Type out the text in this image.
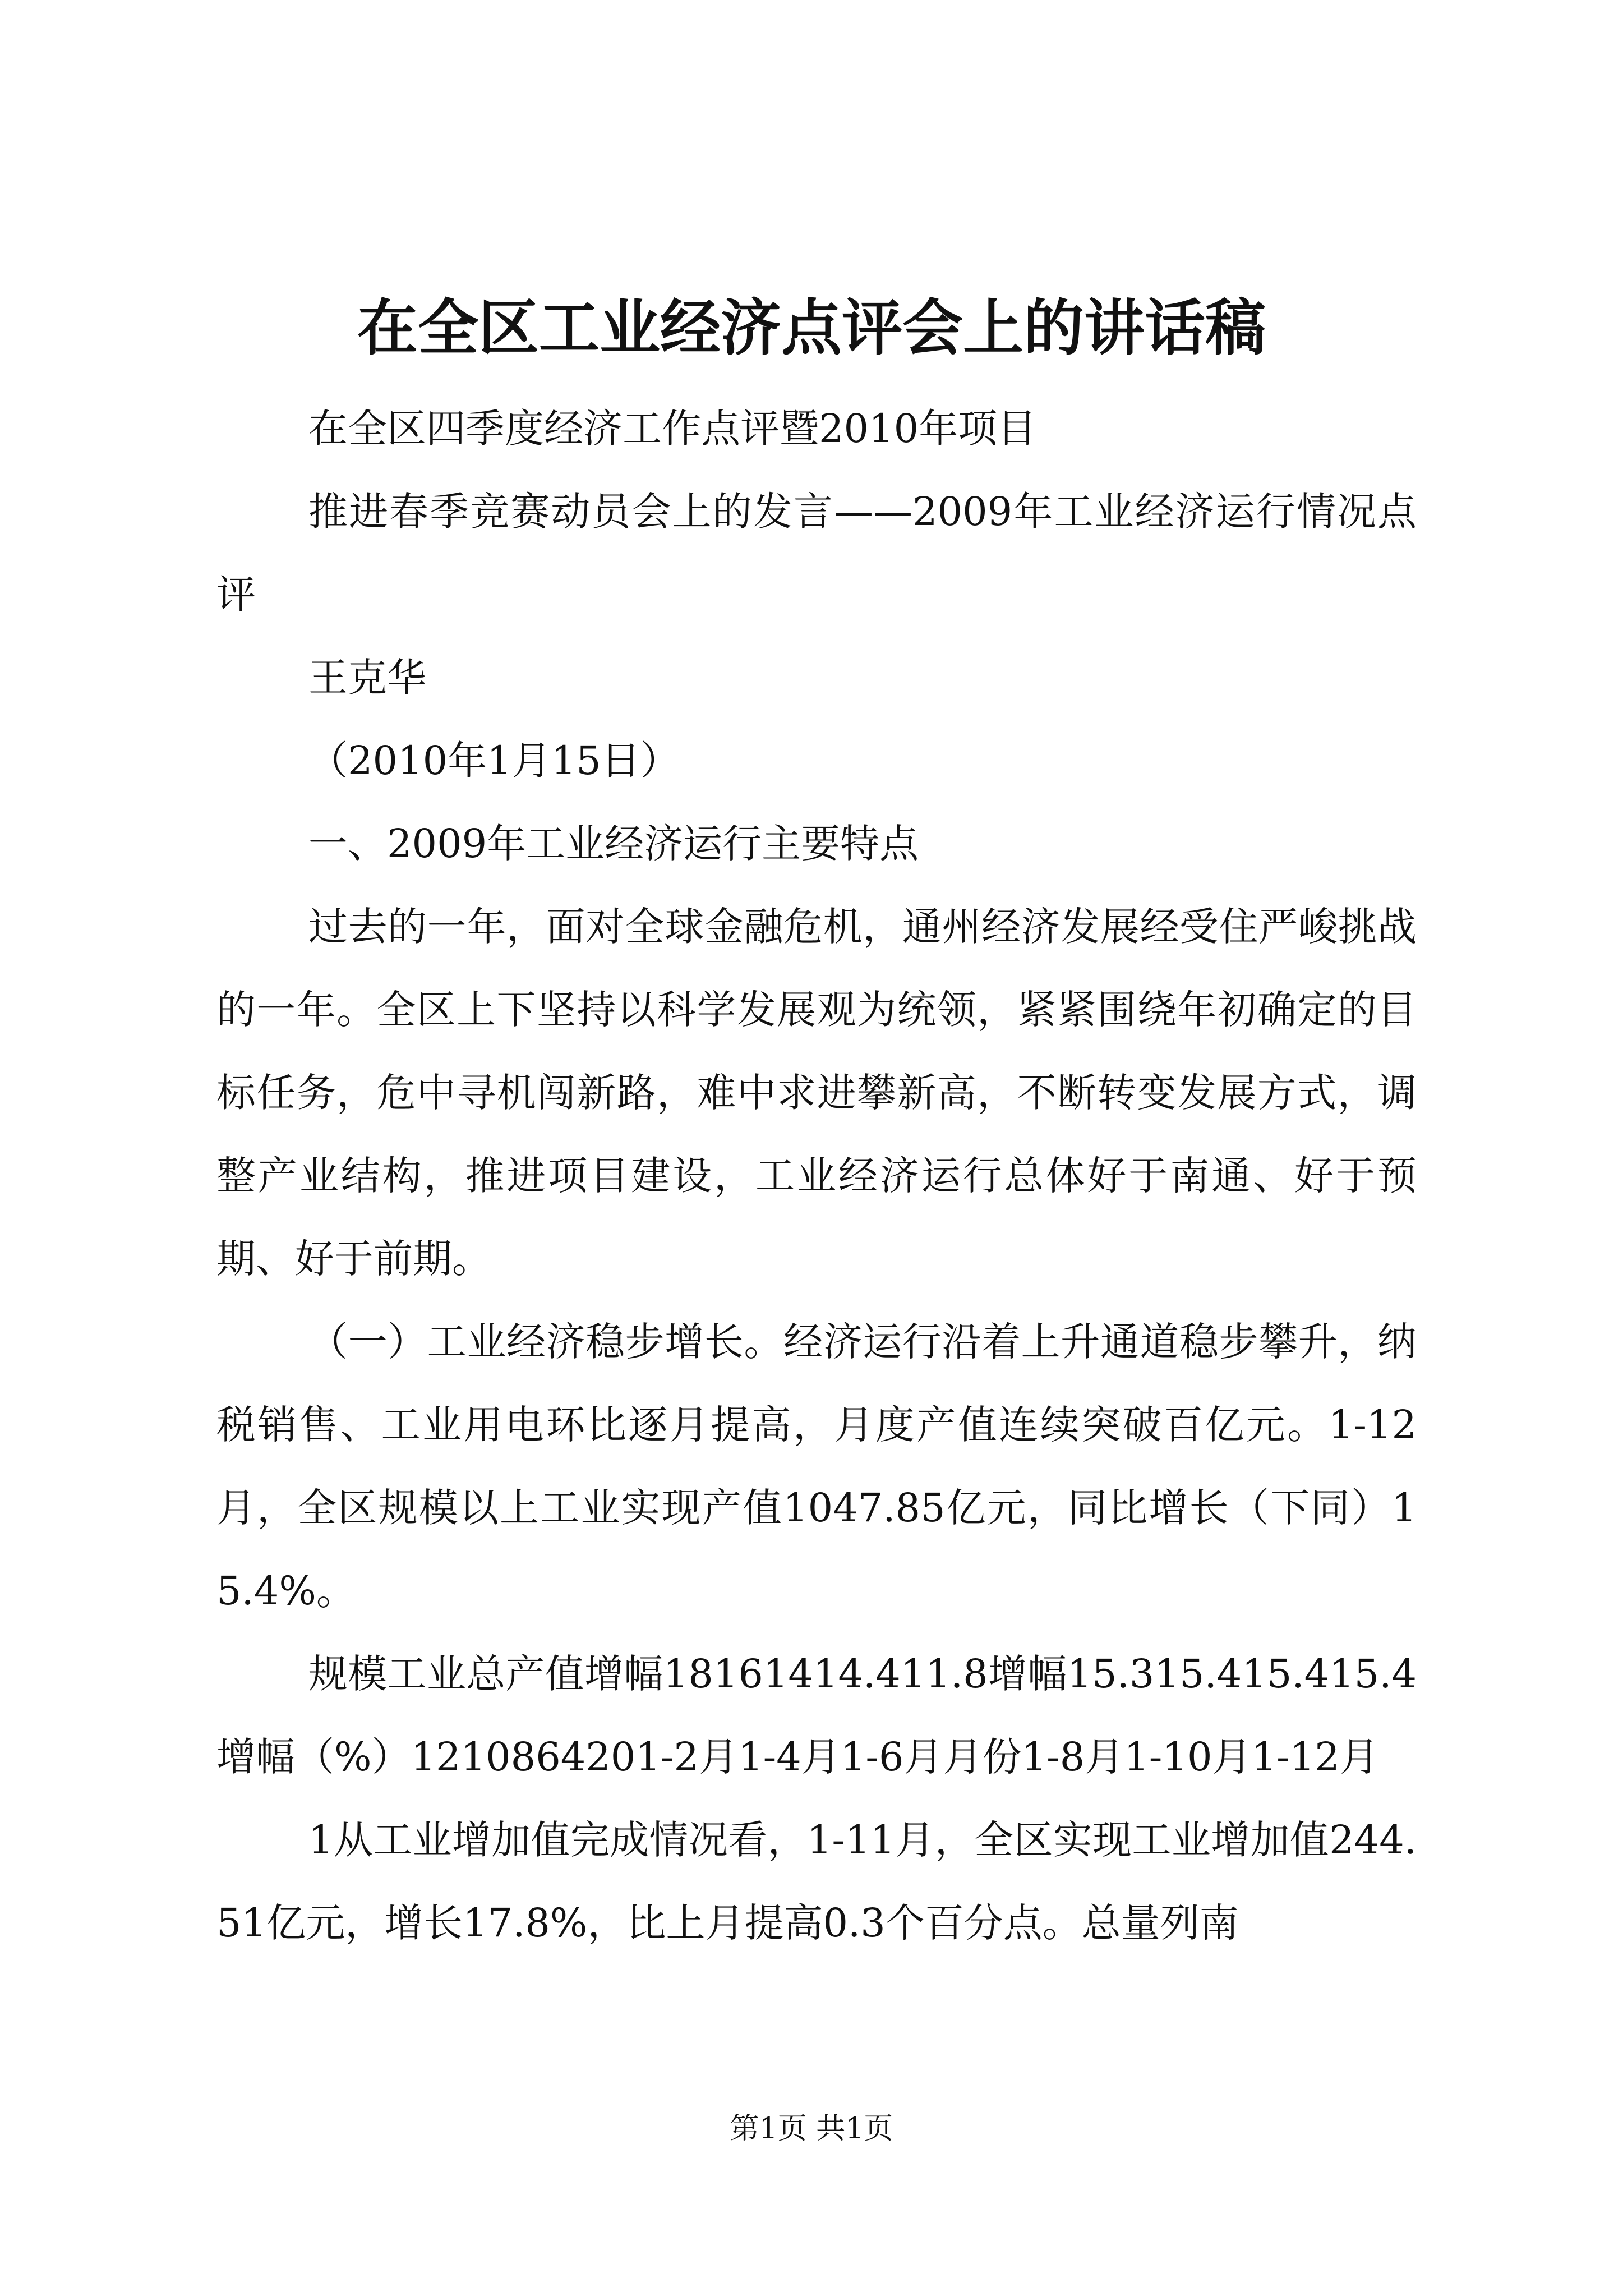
在全区工业经济点评会上的讲话稿

在全区四季度经济工作点评暨2010年项目

推进春季竞赛动员会上的发言——2009年工业经济运行情况点评

王克华

（2010年1月15日）

一、2009年工业经济运行主要特点

过去的一年，面对全球金融危机，通州经济发展经受住严峻挑战的一年。全区上下坚持以科学发展观为统领，紧紧围绕年初确定的目标任务，危中寻机闯新路，难中求进攀新高，不断转变发展方式，调整产业结构，推进项目建设，工业经济运行总体好于南通、好于预期、好于前期。

（一）工业经济稳步增长。经济运行沿着上升通道稳步攀升，纳税销售、工业用电环比逐月提高，月度产值连续突破百亿元。1-12月，全区规模以上工业实现产值1047.85亿元，同比增长（下同）15.4%。

规模工业总产值增幅18161414.411.8增幅15.315.415.415.4增幅（%）1210864201-2月1-4月1-6月月份1-8月1-10月1-12月

1从工业增加值完成情况看，1-11月，全区实现工业增加值244.51亿元，增长17.8%，比上月提高0.3个百分点。总量列南

第1页 共1页
